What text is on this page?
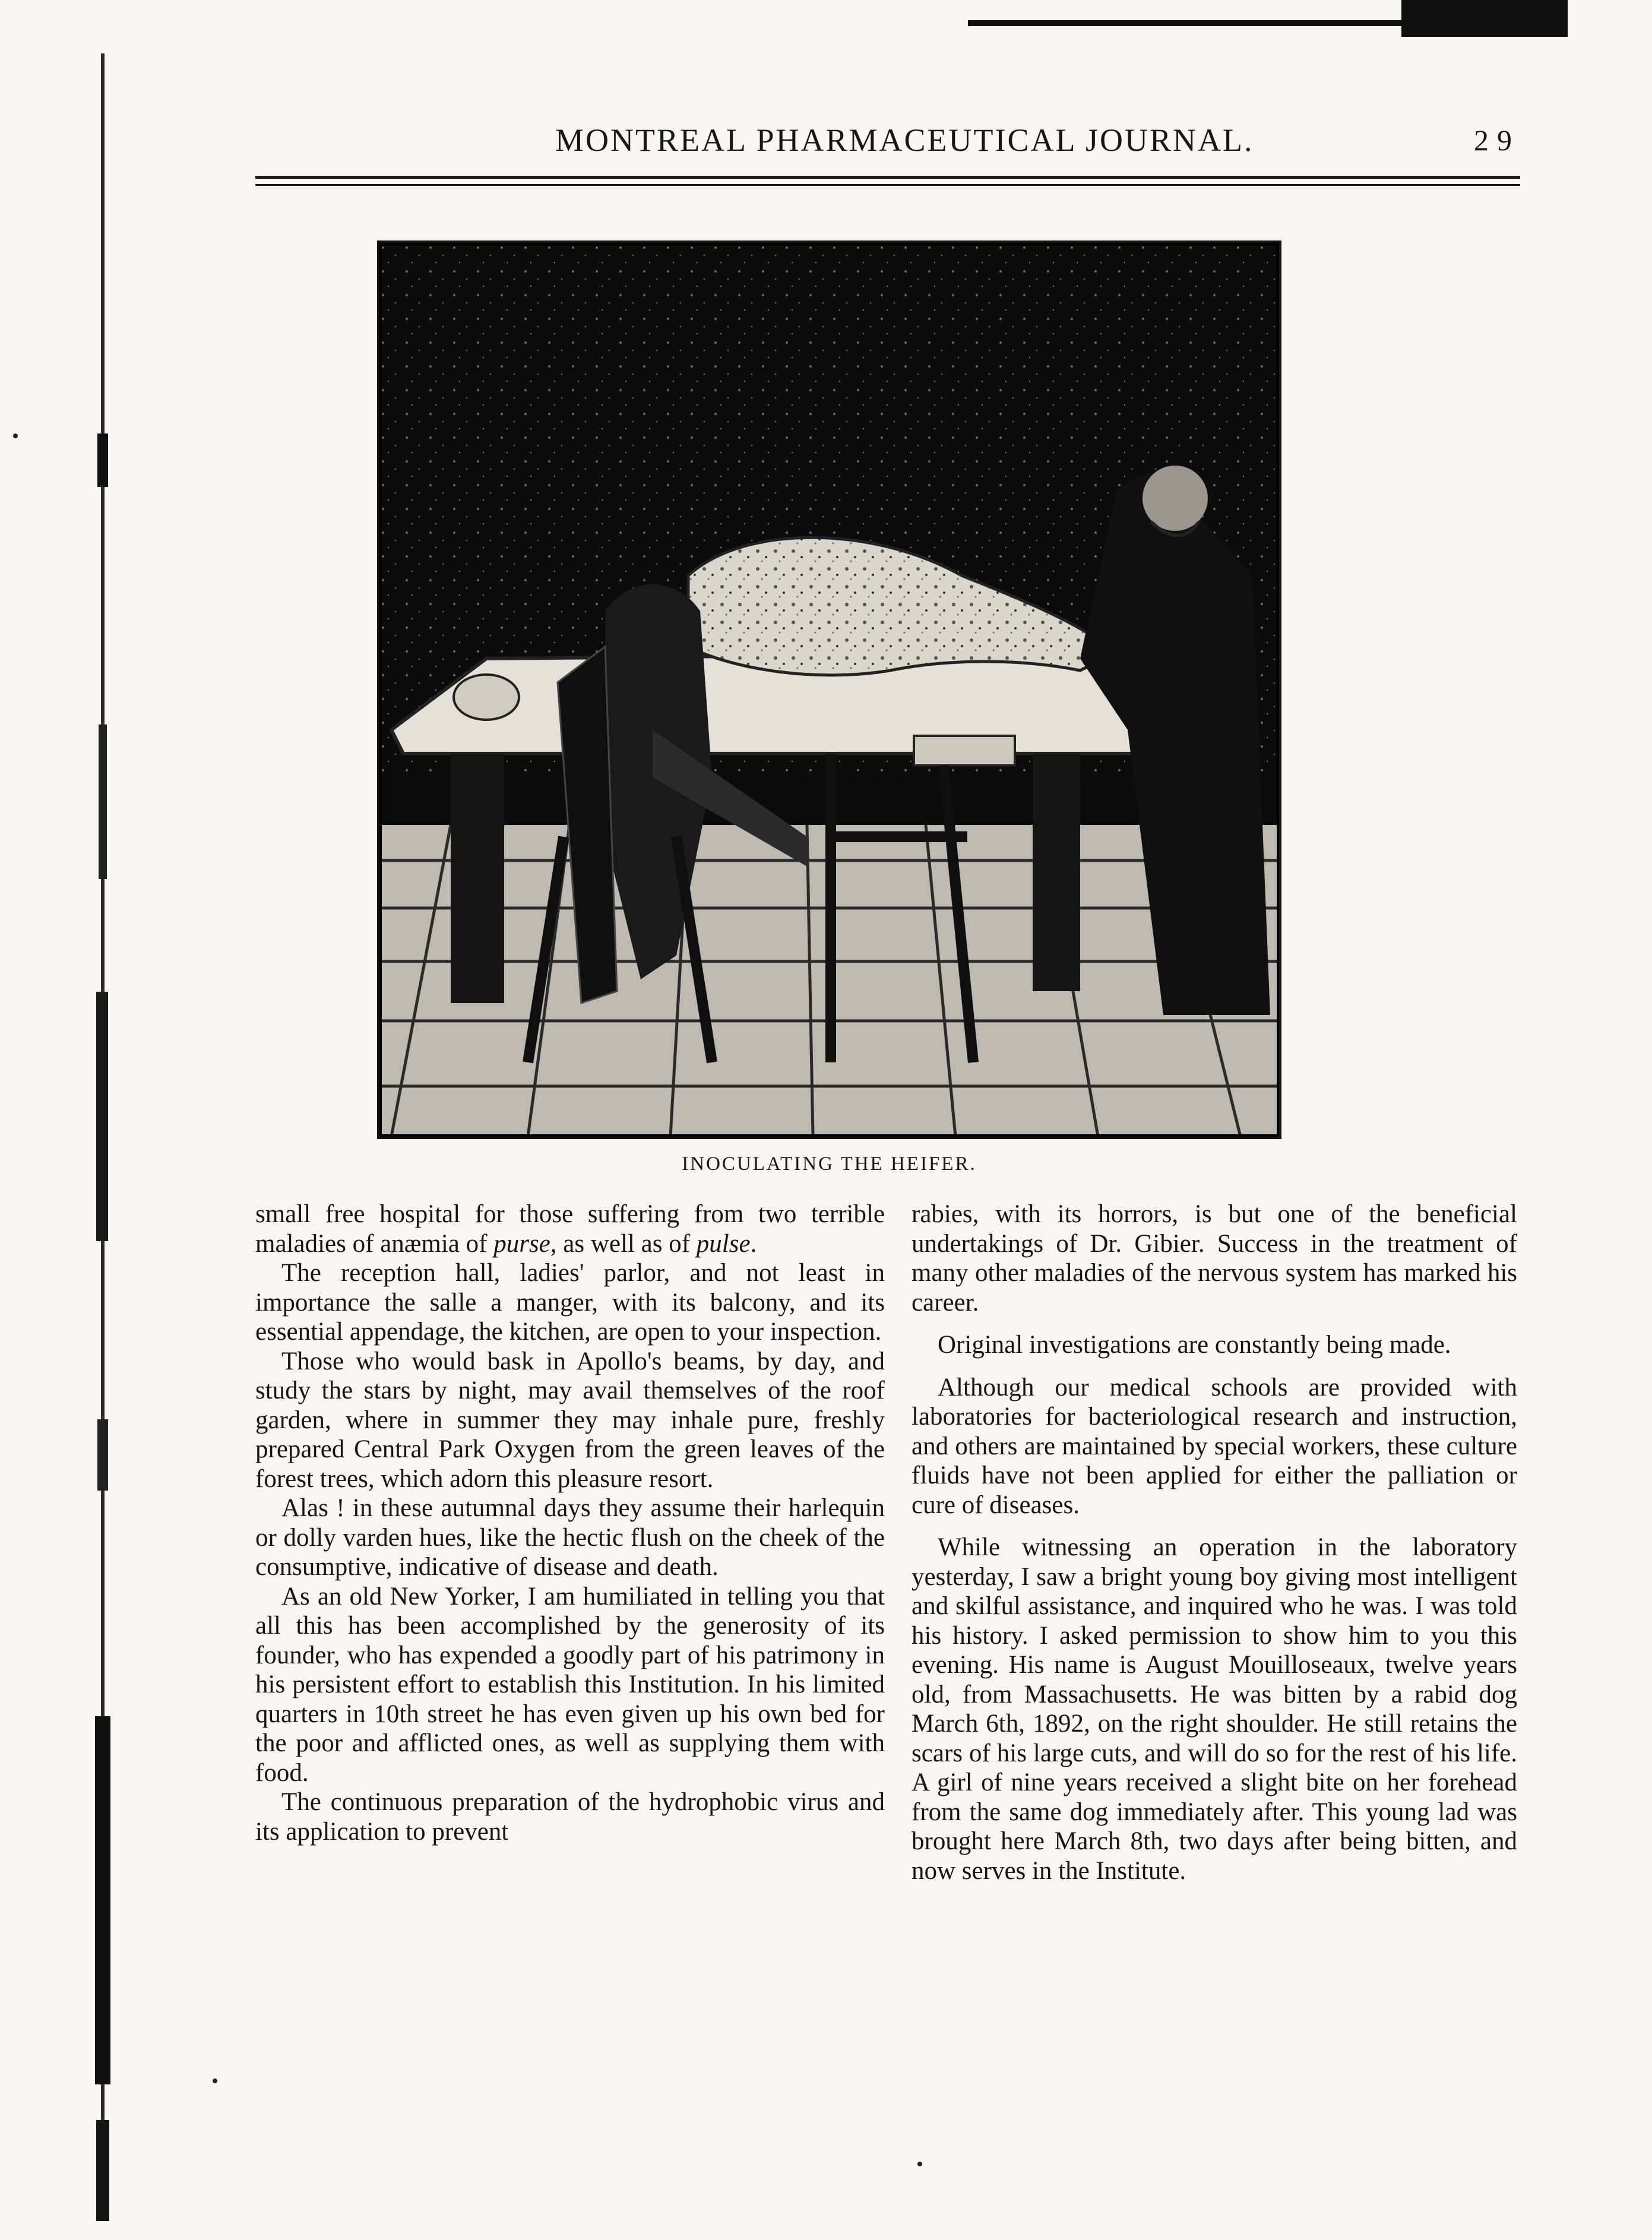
MONTREAL PHARMACEUTICAL JOURNAL.	29
INOCULATING THE HEIFER.

small free hospital for those suffering from two terrible maladies of anæmia of purse, as well as of pulse.

The reception hall, ladies' parlor, and not least in importance the salle a manger, with its balcony, and its essential appendage, the kitchen, are open to your inspection.

Those who would bask in Apollo's beams, by day, and study the stars by night, may avail themselves of the roof garden, where in summer they may inhale pure, freshly prepared Central Park Oxygen from the green leaves of the forest trees, which adorn this pleasure resort.

Alas ! in these autumnal days they assume their harlequin or dolly varden hues, like the hectic flush on the cheek of the consumptive, indicative of disease and death.

As an old New Yorker, I am humiliated in telling you that all this has been accomplished by the generosity of its founder, who has expended a goodly part of his patrimony in his persistent effort to establish this Institution. In his limited quarters in 10th street he has even given up his own bed for the poor and afflicted ones, as well as supplying them with food.

The continuous preparation of the hydrophobic virus and its application to prevent

rabies, with its horrors, is but one of the beneficial undertakings of Dr. Gibier. Success in the treatment of many other maladies of the nervous system has marked his career.

Original investigations are constantly being made.

Although our medical schools are provided with laboratories for bacteriological research and instruction, and others are maintained by special workers, these culture fluids have not been applied for either the palliation or cure of diseases.

While witnessing an operation in the laboratory yesterday, I saw a bright young boy giving most intelligent and skilful assistance, and inquired who he was. I was told his history. I asked permission to show him to you this evening. His name is August Mouilloseaux, twelve years old, from Massachusetts. He was bitten by a rabid dog March 6th, 1892, on the right shoulder. He still retains the scars of his large cuts, and will do so for the rest of his life. A girl of nine years received a slight bite on her forehead from the same dog immediately after. This young lad was brought here March 8th, two days after being bitten, and now serves in the Institute.
